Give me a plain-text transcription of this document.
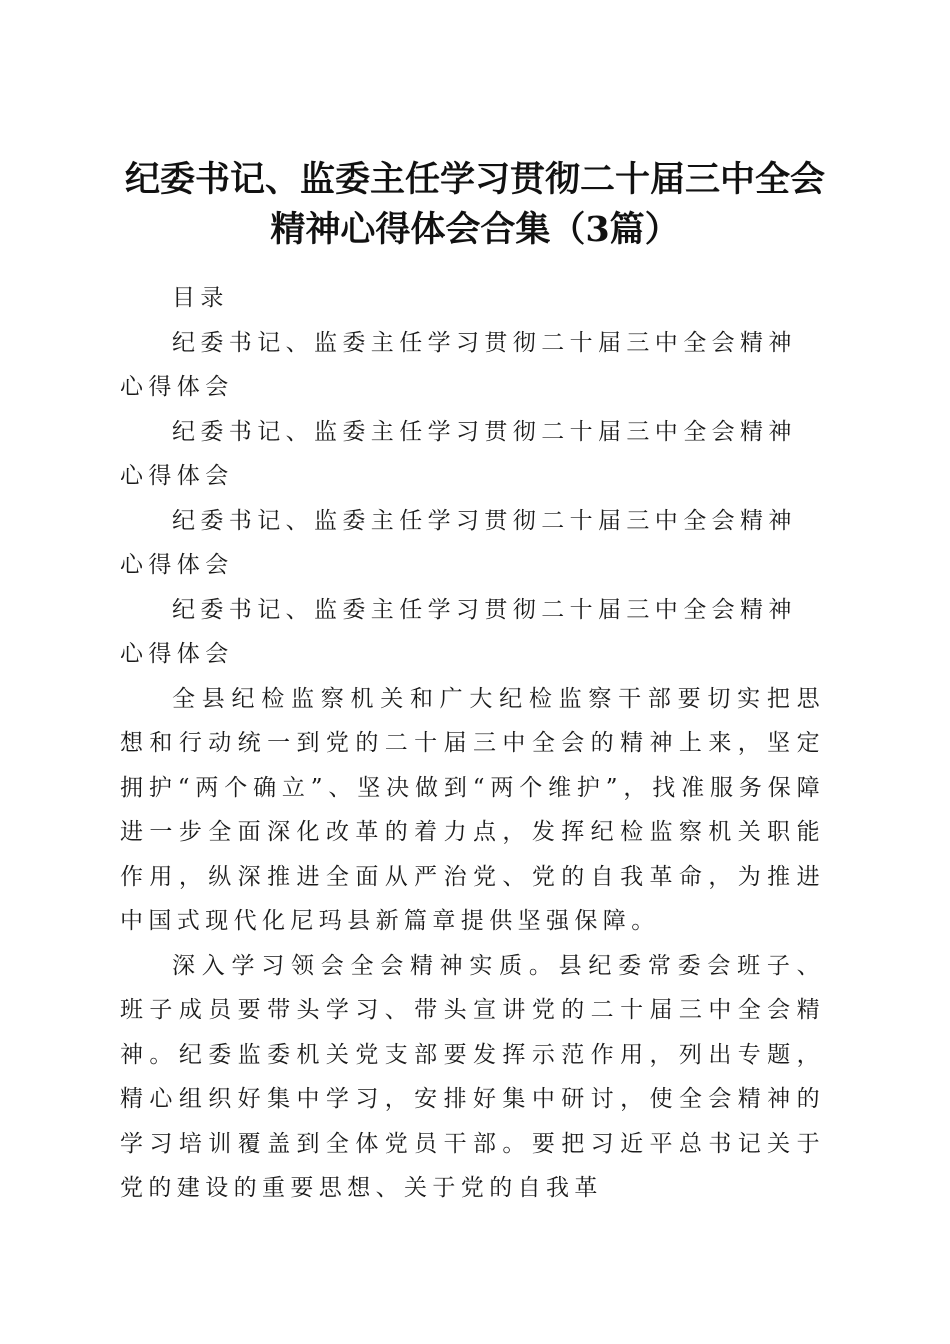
纪委书记、监委主任学习贯彻二十届三中全会
精神心得体会合集（3篇）

目录

纪委书记、监委主任学习贯彻二十届三中全会精神心得体会

纪委书记、监委主任学习贯彻二十届三中全会精神心得体会

纪委书记、监委主任学习贯彻二十届三中全会精神心得体会

纪委书记、监委主任学习贯彻二十届三中全会精神心得体会

全县纪检监察机关和广大纪检监察干部要切实把思想和行动统一到党的二十届三中全会的精神上来，坚定拥护“两个确立”、坚决做到“两个维护”，找准服务保障进一步全面深化改革的着力点，发挥纪检监察机关职能作用，纵深推进全面从严治党、党的自我革命，为推进中国式现代化尼玛县新篇章提供坚强保障。

深入学习领会全会精神实质。县纪委常委会班子、班子成员要带头学习、带头宣讲党的二十届三中全会精神。纪委监委机关党支部要发挥示范作用，列出专题，精心组织好集中学习，安排好集中研讨，使全会精神的学习培训覆盖到全体党员干部。要把习近平总书记关于党的建设的重要思想、关于党的自我革
